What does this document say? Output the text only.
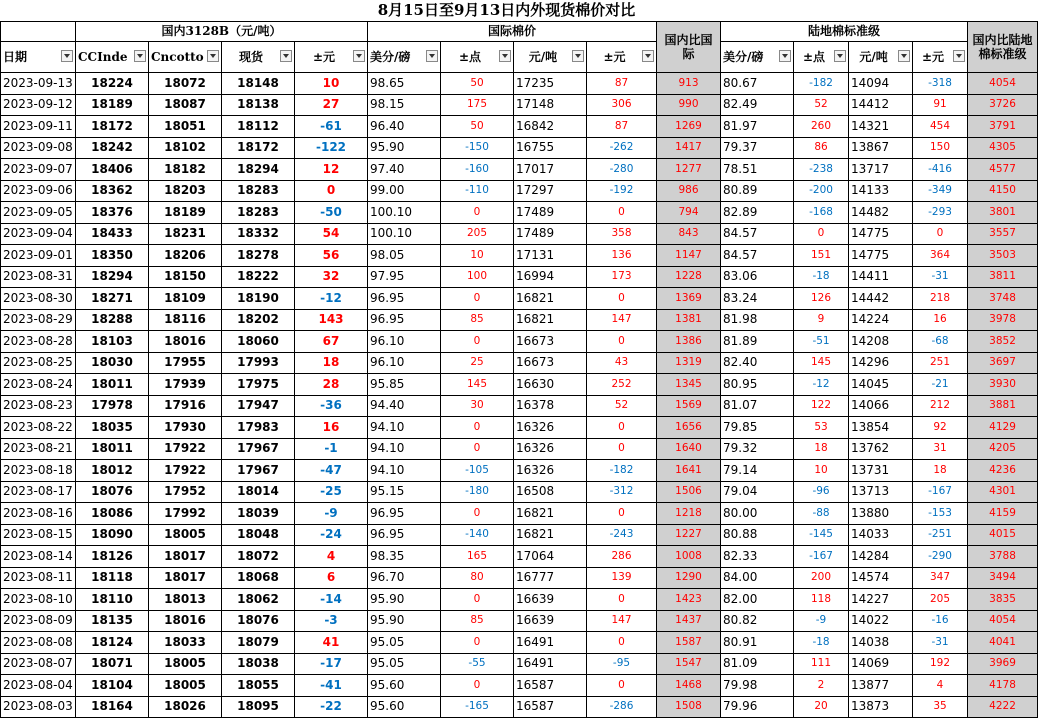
8月15日至9月13日内外现货棉价对比
	国内3128B（元/吨）				国际棉价				国内比国际	陆地棉标准级				国内比陆地棉标准级
日期	CCInde	Cncotto	现货	±元	美分/磅	±点	元/吨	±元		美分/磅	±点	元/吨	±元	

2023-09-13	18224	18072	18148	10	98.65	50	17235	87	913	80.67	-182	14094	-318	4054
2023-09-12	18189	18087	18138	27	98.15	175	17148	306	990	82.49	52	14412	91	3726
2023-09-11	18172	18051	18112	-61	96.40	50	16842	87	1269	81.97	260	14321	454	3791
2023-09-08	18242	18102	18172	-122	95.90	-150	16755	-262	1417	79.37	86	13867	150	4305
2023-09-07	18406	18182	18294	12	97.40	-160	17017	-280	1277	78.51	-238	13717	-416	4577
2023-09-06	18362	18203	18283	0	99.00	-110	17297	-192	986	80.89	-200	14133	-349	4150
2023-09-05	18376	18189	18283	-50	100.10	0	17489	0	794	82.89	-168	14482	-293	3801
2023-09-04	18433	18231	18332	54	100.10	205	17489	358	843	84.57	0	14775	0	3557
2023-09-01	18350	18206	18278	56	98.05	10	17131	136	1147	84.57	151	14775	364	3503
2023-08-31	18294	18150	18222	32	97.95	100	16994	173	1228	83.06	-18	14411	-31	3811
2023-08-30	18271	18109	18190	-12	96.95	0	16821	0	1369	83.24	126	14442	218	3748
2023-08-29	18288	18116	18202	143	96.95	85	16821	147	1381	81.98	9	14224	16	3978
2023-08-28	18103	18016	18060	67	96.10	0	16673	0	1386	81.89	-51	14208	-68	3852
2023-08-25	18030	17955	17993	18	96.10	25	16673	43	1319	82.40	145	14296	251	3697
2023-08-24	18011	17939	17975	28	95.85	145	16630	252	1345	80.95	-12	14045	-21	3930
2023-08-23	17978	17916	17947	-36	94.40	30	16378	52	1569	81.07	122	14066	212	3881
2023-08-22	18035	17930	17983	16	94.10	0	16326	0	1656	79.85	53	13854	92	4129
2023-08-21	18011	17922	17967	-1	94.10	0	16326	0	1640	79.32	18	13762	31	4205
2023-08-18	18012	17922	17967	-47	94.10	-105	16326	-182	1641	79.14	10	13731	18	4236
2023-08-17	18076	17952	18014	-25	95.15	-180	16508	-312	1506	79.04	-96	13713	-167	4301
2023-08-16	18086	17992	18039	-9	96.95	0	16821	0	1218	80.00	-88	13880	-153	4159
2023-08-15	18090	18005	18048	-24	96.95	-140	16821	-243	1227	80.88	-145	14033	-251	4015
2023-08-14	18126	18017	18072	4	98.35	165	17064	286	1008	82.33	-167	14284	-290	3788
2023-08-11	18118	18017	18068	6	96.70	80	16777	139	1290	84.00	200	14574	347	3494
2023-08-10	18110	18013	18062	-14	95.90	0	16639	0	1423	82.00	118	14227	205	3835
2023-08-09	18135	18016	18076	-3	95.90	85	16639	147	1437	80.82	-9	14022	-16	4054
2023-08-08	18124	18033	18079	41	95.05	0	16491	0	1587	80.91	-18	14038	-31	4041
2023-08-07	18071	18005	18038	-17	95.05	-55	16491	-95	1547	81.09	111	14069	192	3969
2023-08-04	18104	18005	18055	-41	95.60	0	16587	0	1468	79.98	2	13877	4	4178
2023-08-03	18164	18026	18095	-22	95.60	-165	16587	-286	1508	79.96	20	13873	35	4222
